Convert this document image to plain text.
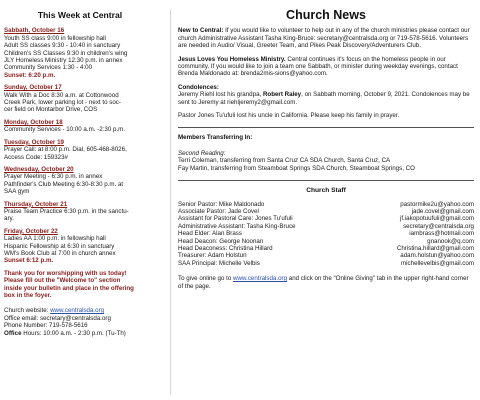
This Week at Central
Sabbath, October 16
Youth SS class 9:00 in fellowship hall
Adult SS classes 9:30 - 10:40 in sanctuary
Children's SS Classes 9:30 in children's wing
JLY Homeless Ministry 12:30 p.m. in annex
Community Services 1:30 - 4:00
Sunset: 6:20 p.m.
Sunday, October 17
Walk With a Doc 8:30 a.m. at Cottonwood
Creek Park, lower parking lot - next to soc-
cer field on Montarbor Drive, COS
Monday, October 18
Community Services - 10:00 a.m. -2:30 p.m.
Tuesday, October 19
Prayer Call: at 8:00 p.m. Dial, 605-468-8026,
Access Code: 159323#
Wednesday, October 20
Prayer Meeting - 6:30 p.m. in annex
Pathfinder's Club Meeting 6:30-8:30 p.m. at
SAA gym
Thursday, October 21
Praise Team Practice 6:30 p.m. in the sanctu-
ary.
Friday, October 22
Ladies AA 1:00 p.m. in fellowship hall
Hispanic Fellowship at 6:30 in sanctuary
WM's Book Club at 7:00 in church annex
Sunset 6:12 p.m.
Thank you for worshipping with us today!
Please fill out the "Welcome to" section
inside your bulletin and place in the offering
box in the foyer.
Church website: www.centralsda.org
Office email: secretary@centralsda.org
Phone Number: 719-578-5616
Office Hours: 10:00 a.m. - 2:30 p.m. (Tu-Th)
Church News
New to Central: If you would like to volunteer to help out in any of the church ministries please contact our church Administrative Assistant Tasha King-Bruce: secretary@centralsda.org or 719-578-5616. Volunteers are needed in Audio/ Visual, Greeter Team, and Pikes Peak Discovery/Adventurers Club.
Jesus Loves You Homeless Ministry. Central continues it's focus on the homeless people in our community. If you would like to join a team one Sabbath, or minister during weekday evenings, contact Brenda Maldonado at: brenda2mis-sions@yahoo.com.
Condolences:
Jeremy Riehl lost his grandpa, Robert Raley, on Sabbath morning, October 9, 2021. Condolences may be sent to Jeremy at riehljeremy2@gmail.com.
Pastor Jones Tu'ufuli lost his uncle in California. Please keep his family in prayer.
Members Transferring In:
Second Reading:
Terri Coleman, transferring from Santa Cruz CA SDA Church, Santa Cruz, CA
Fay Martin, transferring from Steamboat Springs SDA Church, Steamboat Springs, CO
Church Staff
Senior Pastor: Mike Maldonado	pastormike2u@yahoo.com
Associate Pastor: Jade Covel	jade.covel@gmail.com
Assistant for Pastoral Care: Jones Tu'ufuli	jf.iakopotuufuli@gmail.com
Administrative Assistant: Tasha King-Bruce	secretary@centralsda.org
Head Elder: Alan Brass	iambrass@hotmail.com
Head Deacon: George Noonan	gnanook@q.com
Head Deaconess: Christina Hillard	Christina.hillard@gmail.com
Treasurer: Adam Holstun	adam.holstun@yahoo.com
SAA Principal: Michelle Velbis	michellevelbis@gmail.com
To give online go to www.centralsda.org and click on the "Online Giving" tab in the upper right-hand corner of the page.
